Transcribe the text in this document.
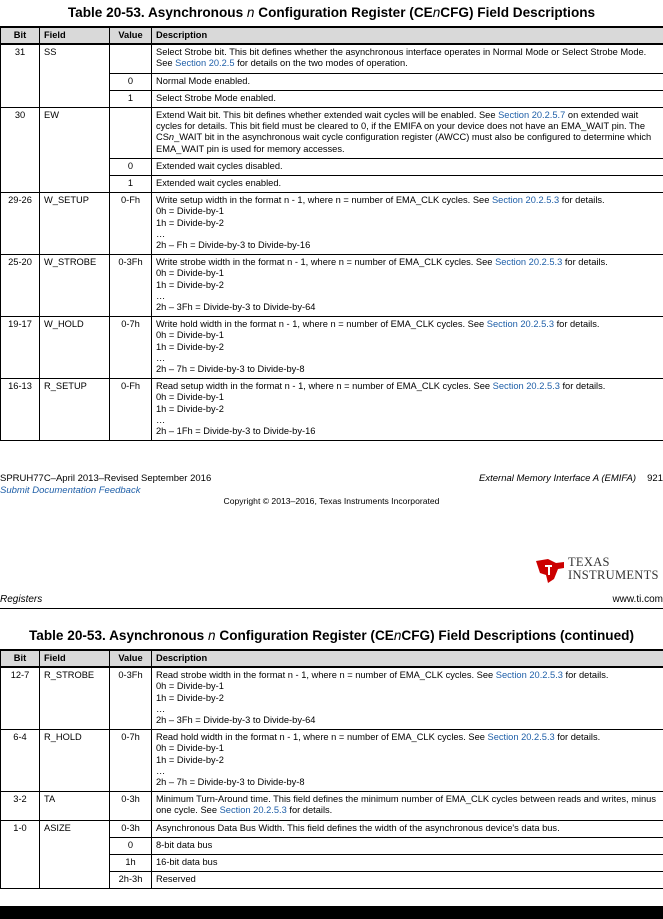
Table 20-53. Asynchronous n Configuration Register (CEnCFG) Field Descriptions
Bit	Field	Value	Description
31	SS		Select Strobe bit. This bit defines whether the asynchronous interface operates in Normal Mode or Select Strobe Mode. See Section 20.2.5 for details on the two modes of operation.
		0	Normal Mode enabled.
		1	Select Strobe Mode enabled.
30	EW		Extend Wait bit. This bit defines whether extended wait cycles will be enabled. See Section 20.2.5.7 on extended wait cycles for details. This bit field must be cleared to 0, if the EMIFA on your device does not have an EMA_WAIT pin. The CSn_WAIT bit in the asynchronous wait cycle configuration register (AWCC) must also be configured to determine which EMA_WAIT pin is used for memory accesses.
		0	Extended wait cycles disabled.
		1	Extended wait cycles enabled.
29-26	W_SETUP	0-Fh	Write setup width in the format n - 1, where n = number of EMA_CLK cycles. See Section 20.2.5.3 for details.
0h = Divide-by-1
1h = Divide-by-2
…
2h – Fh = Divide-by-3 to Divide-by-16

25-20	W_STROBE	0-3Fh	Write strobe width in the format n - 1, where n = number of EMA_CLK cycles. See Section 20.2.5.3 for details.
0h = Divide-by-1
1h = Divide-by-2
…
2h – 3Fh = Divide-by-3 to Divide-by-64

19-17	W_HOLD	0-7h	Write hold width in the format n - 1, where n = number of EMA_CLK cycles. See Section 20.2.5.3 for details.
0h = Divide-by-1
1h = Divide-by-2
…
2h – 7h = Divide-by-3 to Divide-by-8

16-13	R_SETUP	0-Fh	Read setup width in the format n - 1, where n = number of EMA_CLK cycles. See Section 20.2.5.3 for details.
0h = Divide-by-1
1h = Divide-by-2
…
2h – 1Fh = Divide-by-3 to Divide-by-16
SPRUH77C–April 2013–Revised September 2016
Submit Documentation Feedback
External Memory Interface A (EMIFA) 921
Copyright © 2013–2016, Texas Instruments Incorporated
TEXAS
INSTRUMENTS
Registers	www.ti.com
Table 20-53. Asynchronous n Configuration Register (CEnCFG) Field Descriptions (continued)
Bit	Field	Value	Description
12-7	R_STROBE	0-3Fh	Read strobe width in the format n - 1, where n = number of EMA_CLK cycles. See Section 20.2.5.3 for details.
0h = Divide-by-1
1h = Divide-by-2
…
2h – 3Fh = Divide-by-3 to Divide-by-64

6-4	R_HOLD	0-7h	Read hold width in the format n - 1, where n = number of EMA_CLK cycles. See Section 20.2.5.3 for details.
0h = Divide-by-1
1h = Divide-by-2
…
2h – 7h = Divide-by-3 to Divide-by-8

3-2	TA	0-3h	Minimum Turn-Around time. This field defines the minimum number of EMA_CLK cycles between reads and writes, minus one cycle. See Section 20.2.5.3 for details.
1-0	ASIZE	0-3h	Asynchronous Data Bus Width. This field defines the width of the asynchronous device's data bus.
		0	8-bit data bus
		1h	16-bit data bus
		2h-3h	Reserved
